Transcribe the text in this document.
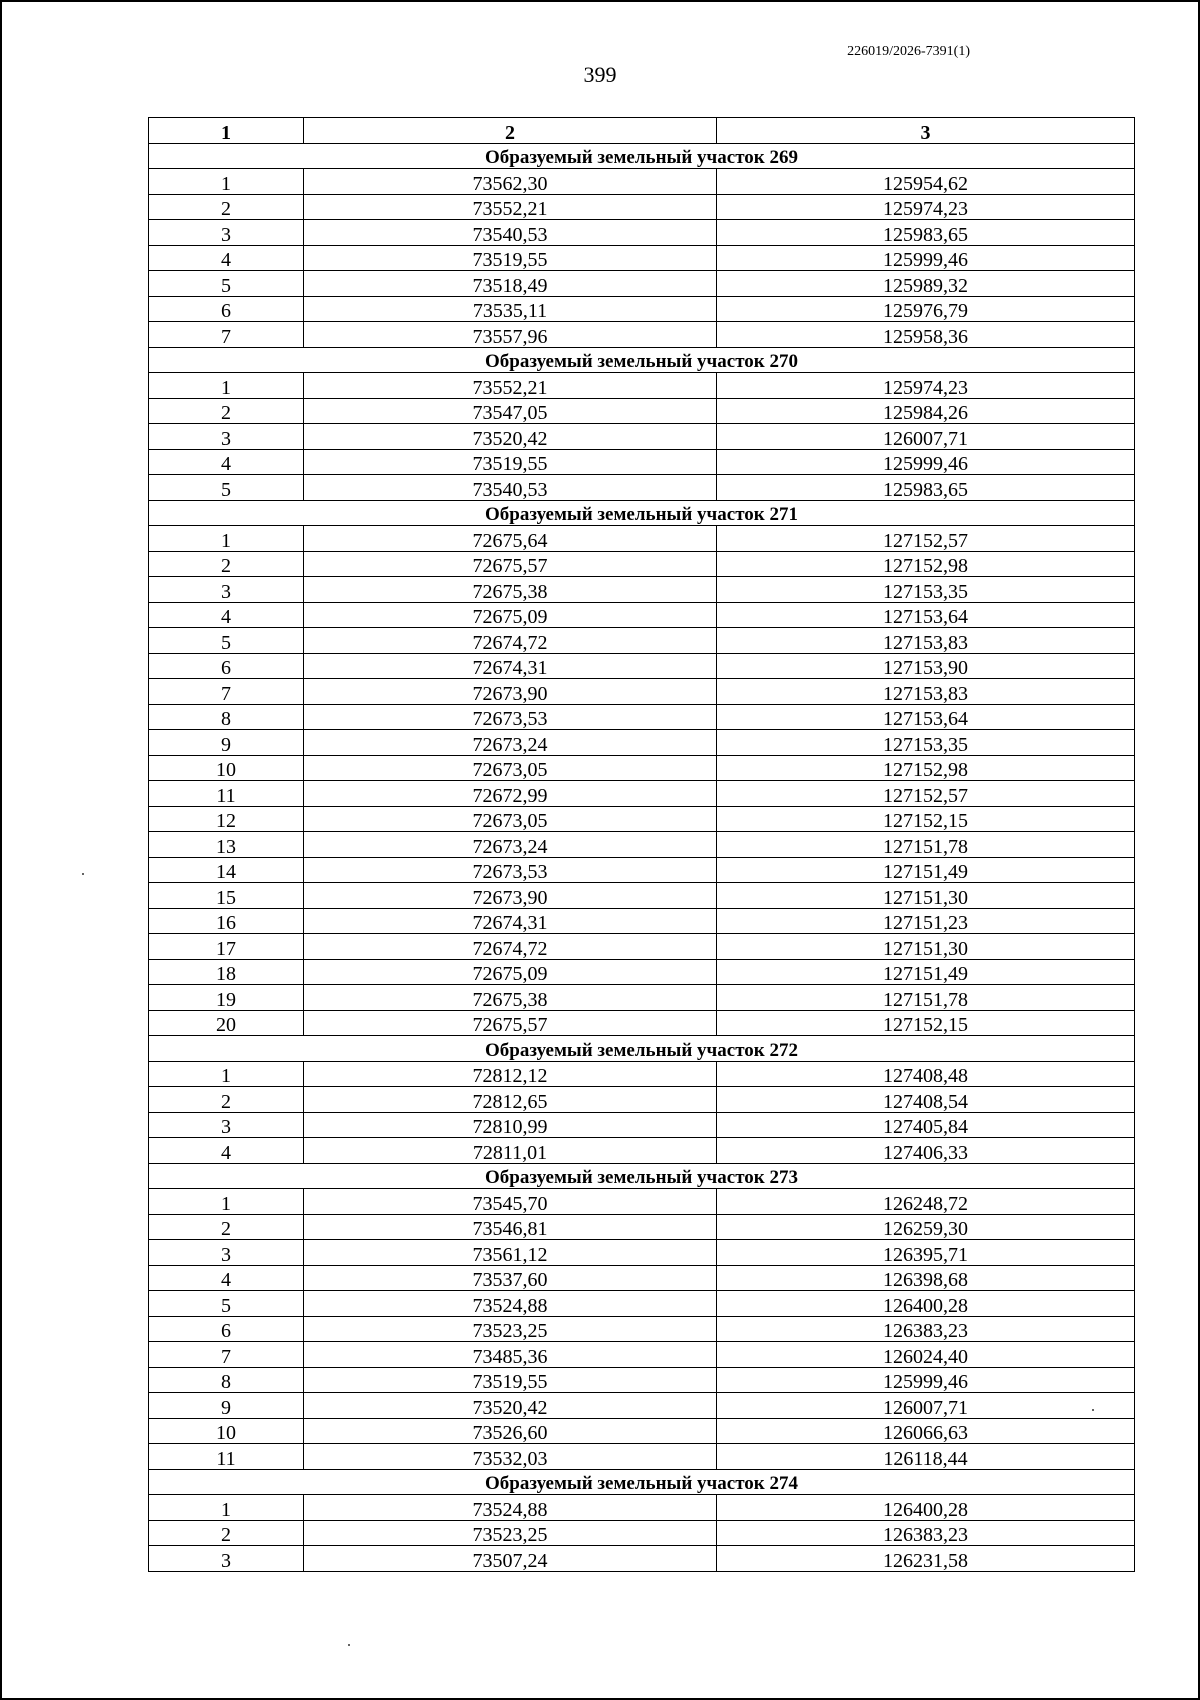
226019/2026-7391(1)
399
1	2	3
Образуемый земельный участок 269		
1	73562,30	125954,62
2	73552,21	125974,23
3	73540,53	125983,65
4	73519,55	125999,46
5	73518,49	125989,32
6	73535,11	125976,79
7	73557,96	125958,36
Образуемый земельный участок 270		
1	73552,21	125974,23
2	73547,05	125984,26
3	73520,42	126007,71
4	73519,55	125999,46
5	73540,53	125983,65
Образуемый земельный участок 271		
1	72675,64	127152,57
2	72675,57	127152,98
3	72675,38	127153,35
4	72675,09	127153,64
5	72674,72	127153,83
6	72674,31	127153,90
7	72673,90	127153,83
8	72673,53	127153,64
9	72673,24	127153,35
10	72673,05	127152,98
11	72672,99	127152,57
12	72673,05	127152,15
13	72673,24	127151,78
14	72673,53	127151,49
15	72673,90	127151,30
16	72674,31	127151,23
17	72674,72	127151,30
18	72675,09	127151,49
19	72675,38	127151,78
20	72675,57	127152,15
Образуемый земельный участок 272		
1	72812,12	127408,48
2	72812,65	127408,54
3	72810,99	127405,84
4	72811,01	127406,33
Образуемый земельный участок 273		
1	73545,70	126248,72
2	73546,81	126259,30
3	73561,12	126395,71
4	73537,60	126398,68
5	73524,88	126400,28
6	73523,25	126383,23
7	73485,36	126024,40
8	73519,55	125999,46
9	73520,42	126007,71
10	73526,60	126066,63
11	73532,03	126118,44
Образуемый земельный участок 274		
1	73524,88	126400,28
2	73523,25	126383,23
3	73507,24	126231,58
